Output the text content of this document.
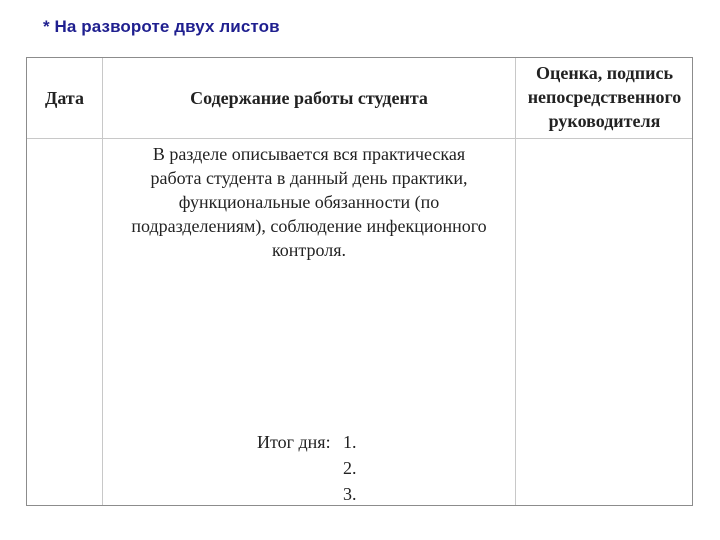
* На развороте двух листов
Дата	Содержание работы студента
Оценка, подпись
непосредственного
руководителя
В разделе описывается вся практическая
работа студента в данный день практики,
функциональные обязанности (по
подразделениям), соблюдение инфекционного
контроля.
Итог дня: 1.
2.
3.
